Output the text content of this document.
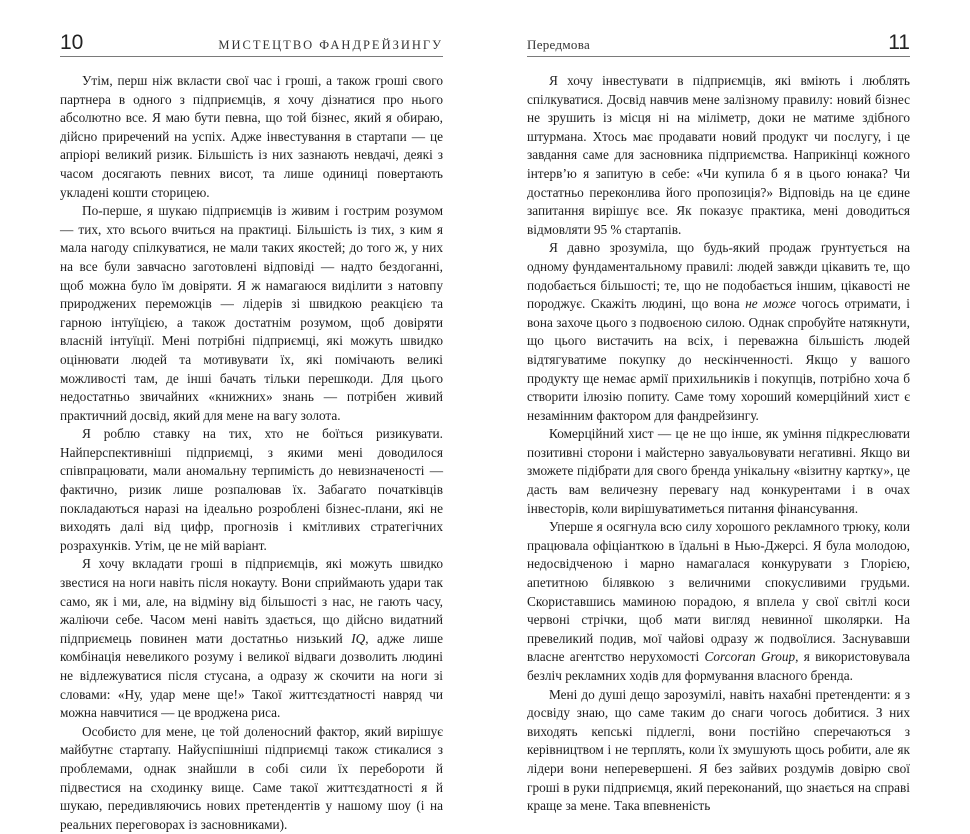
10	МИСТЕЦТВО ФАНДРЕЙЗИНГУ

Утім, перш ніж вкласти свої час і гроші, а також гроші свого партнера в одного з підприємців, я хочу дізнатися про нього абсолютно все. Я маю бути певна, що той бізнес, який я обираю, дійсно приречений на успіх. Адже інвестування в стартапи — це апріорі великий ризик. Більшість із них зазнають невдачі, деякі з часом досягають певних висот, та лише одиниці повертають укладені кошти сторицею.

По-перше, я шукаю підприємців із живим і гострим розумом — тих, хто всього вчиться на практиці. Більшість із тих, з ким я мала нагоду спілкуватися, не мали таких якостей; до того ж, у них на все були завчасно заготовлені відповіді — надто бездоганні, щоб можна було їм довіряти. Я ж намагаюся виділити з натовпу природжених переможців — лідерів зі швидкою реакцією та гарною інтуїцією, а також достатнім розумом, щоб довіряти власній інтуїції. Мені потрібні підприємці, які можуть швидко оцінювати людей та мотивувати їх, які помічають великі можливості там, де інші бачать тільки перешкоди. Для цього недостатньо звичайних «книжних» знань — потрібен живий практичний досвід, який для мене на вагу золота.

Я роблю ставку на тих, хто не боїться ризикувати. Найперспективніші підприємці, з якими мені доводилося співпрацювати, мали аномальну терпимість до невизначеності — фактично, ризик лише розпалював їх. Забагато початківців покладаються наразі на ідеально розроблені бізнес-плани, які не виходять далі від цифр, прогнозів і кмітливих стратегічних розрахунків. Утім, це не мій варіант.

Я хочу вкладати гроші в підприємців, які можуть швидко звестися на ноги навіть після нокауту. Вони сприймають удари так само, як і ми, але, на відміну від більшості з нас, не гають часу, жаліючи себе. Часом мені навіть здається, що дійсно видатний підприємець повинен мати достатньо низький IQ, адже лише комбінація невеликого розуму і великої відваги дозволить людині не відлежуватися після стусана, а одразу ж скочити на ноги зі словами: «Ну, удар мене ще!» Такої життєздатності навряд чи можна навчитися — це вроджена риса.

Особисто для мене, це той доленосний фактор, який вирішує майбутнє стартапу. Найуспішніші підприємці також стикалися з проблемами, однак знайшли в собі сили їх перебороти й підвестися на сходинку вище. Саме такої життєздатності я й шукаю, передивляючись нових претендентів у нашому шоу (і на реальних переговорах із засновниками).

Передмова	11

Я хочу інвестувати в підприємців, які вміють і люблять спілкуватися. Досвід навчив мене залізному правилу: новий бізнес не зрушить із місця ні на міліметр, доки не матиме здібного штурмана. Хтось має продавати новий продукт чи послугу, і це завдання саме для засновника підприємства. Наприкінці кожного інтерв’ю я запитую в себе: «Чи купила б я в цього юнака? Чи достатньо переконлива його пропозиція?» Відповідь на це єдине запитання вирішує все. Як показує практика, мені доводиться відмовляти 95 % стартапів.

Я давно зрозуміла, що будь-який продаж ґрунтується на одному фундаментальному правилі: людей завжди цікавить те, що подобається більшості; те, що не подобається іншим, цікавості не породжує. Скажіть людині, що вона не може чогось отримати, і вона захоче цього з подвоєною силою. Однак спробуйте натякнути, що цього вистачить на всіх, і переважна більшість людей відтягуватиме покупку до нескінченності. Якщо у вашого продукту ще немає армії прихильників і покупців, потрібно хоча б створити ілюзію попиту. Саме тому хороший комерційний хист є незамінним фактором для фандрейзингу.

Комерційний хист — це не що інше, як уміння підкреслювати позитивні сторони і майстерно завуальовувати негативні. Якщо ви зможете підібрати для свого бренда унікальну «візитну картку», це дасть вам величезну перевагу над конкурентами і в очах інвесторів, коли вирішуватиметься питання фінансування.

Уперше я осягнула всю силу хорошого рекламного трюку, коли працювала офіціанткою в їдальні в Нью-Джерсі. Я була молодою, недосвідченою і марно намагалася конкурувати з Глорією, апетитною білявкою з величними спокусливими грудьми. Скориставшись маминою порадою, я вплела у свої світлі коси червоні стрічки, щоб мати вигляд невинної школярки. На превеликий подив, мої чайові одразу ж подвоїлися. Заснувавши власне агентство нерухомості Corcoran Group, я використовувала безліч рекламних ходів для формування власного бренда.

Мені до душі дещо зарозумілі, навіть нахабні претенденти: я з досвіду знаю, що саме таким до снаги чогось добитися. З них виходять кепські підлеглі, вони постійно сперечаються з керівництвом і не терплять, коли їх змушують щось робити, але як лідери вони неперевершені. Я без зайвих роздумів довірю свої гроші в руки підприємця, який переконаний, що знається на справі краще за мене. Така впевненість
